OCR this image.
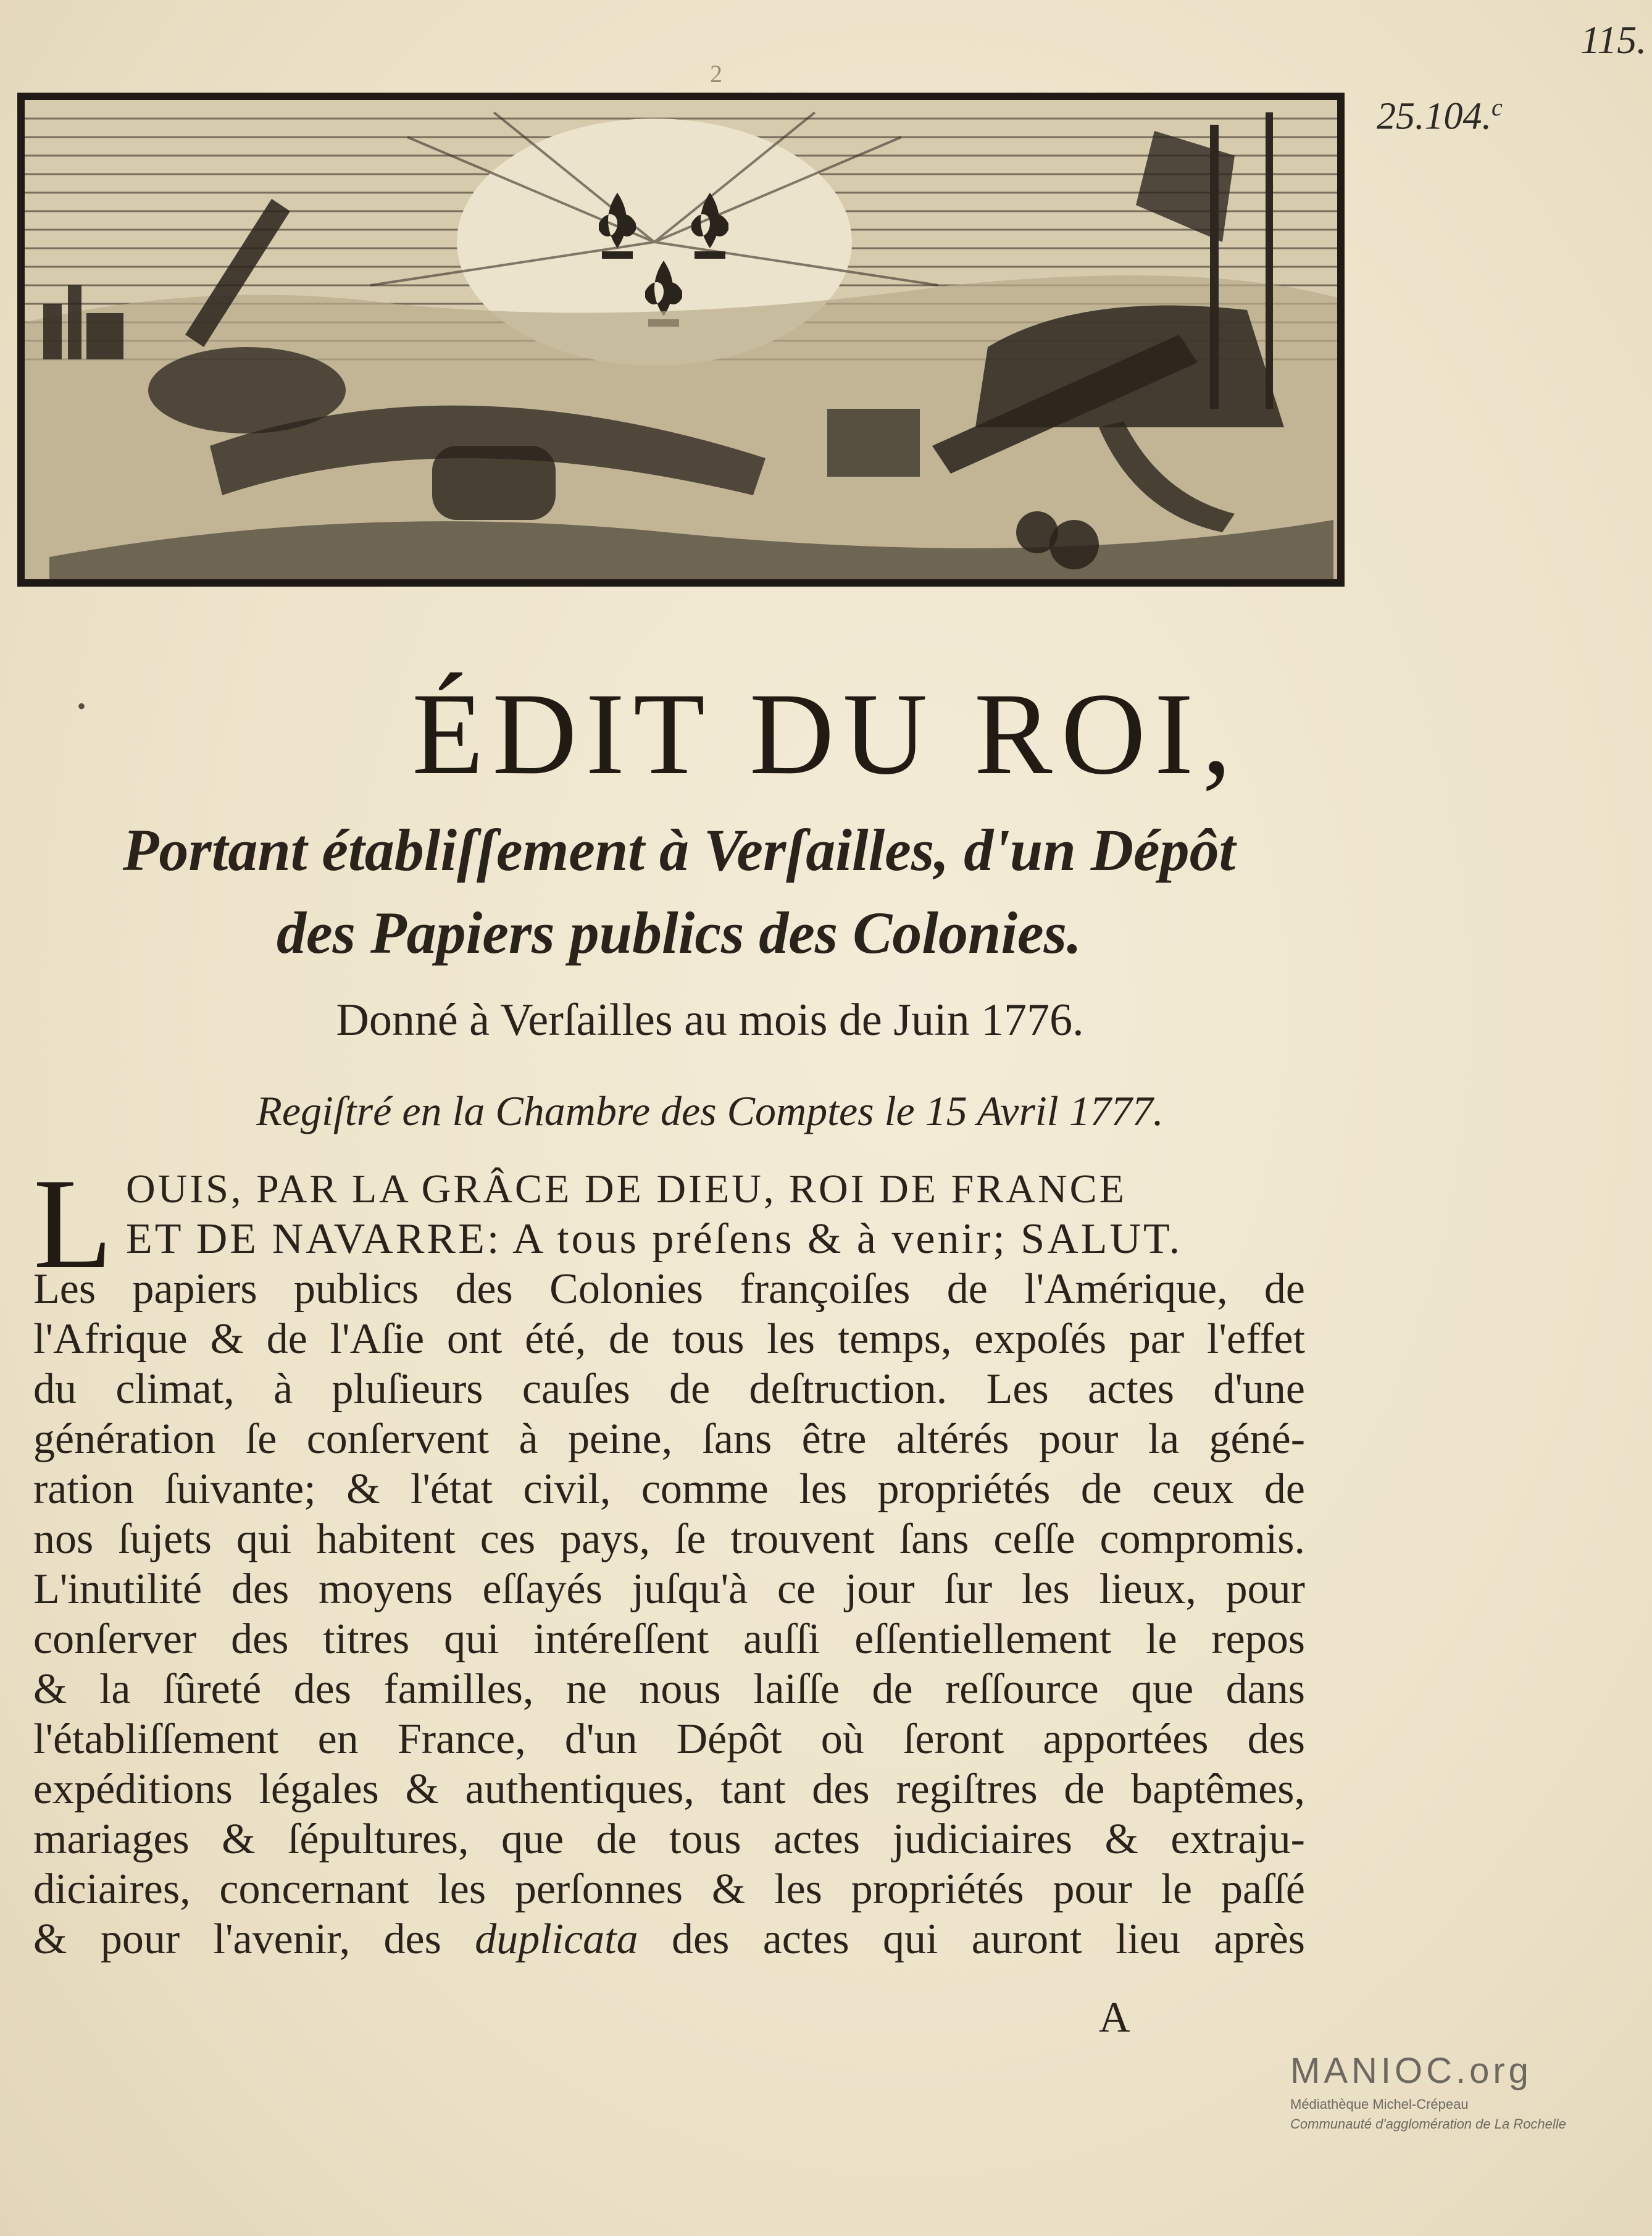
115.
25.104.$^c$
2
ÉDIT DU ROI,
Portant établiſſement à Verſailles, d'un Dépôt
des Papiers publics des Colonies.
Donné à Verſailles au mois de Juin 1776.
Regiſtré en la Chambre des Comptes le 15 Avril 1777.
L OUIS, PAR LA GRÂCE DE DIEU, ROI DE FRANCE
ET DE NAVARRE: A tous préſens & à venir; SALUT.
Les papiers publics des Colonies françoiſes de l'Amérique, de
l'Afrique & de l'Aſie ont été, de tous les temps, expoſés par l'effet
du climat, à pluſieurs cauſes de deſtruction. Les actes d'une
génération ſe conſervent à peine, ſans être altérés pour la géné-
ration ſuivante; & l'état civil, comme les propriétés de ceux de
nos ſujets qui habitent ces pays, ſe trouvent ſans ceſſe compromis.
L'inutilité des moyens eſſayés juſqu'à ce jour ſur les lieux, pour
conſerver des titres qui intéreſſent auſſi eſſentiellement le repos
& la ſûreté des familles, ne nous laiſſe de reſſource que dans
l'établiſſement en France, d'un Dépôt où ſeront apportées des
expéditions légales & authentiques, tant des regiſtres de baptêmes,
mariages & ſépultures, que de tous actes judiciaires & extraju-
diciaires, concernant les perſonnes & les propriétés pour le paſſé
& pour l'avenir, des duplicata des actes qui auront lieu après
A
MANIOC.org
Médiathèque Michel-Crépeau
Communauté d'agglomération de La Rochelle
•
